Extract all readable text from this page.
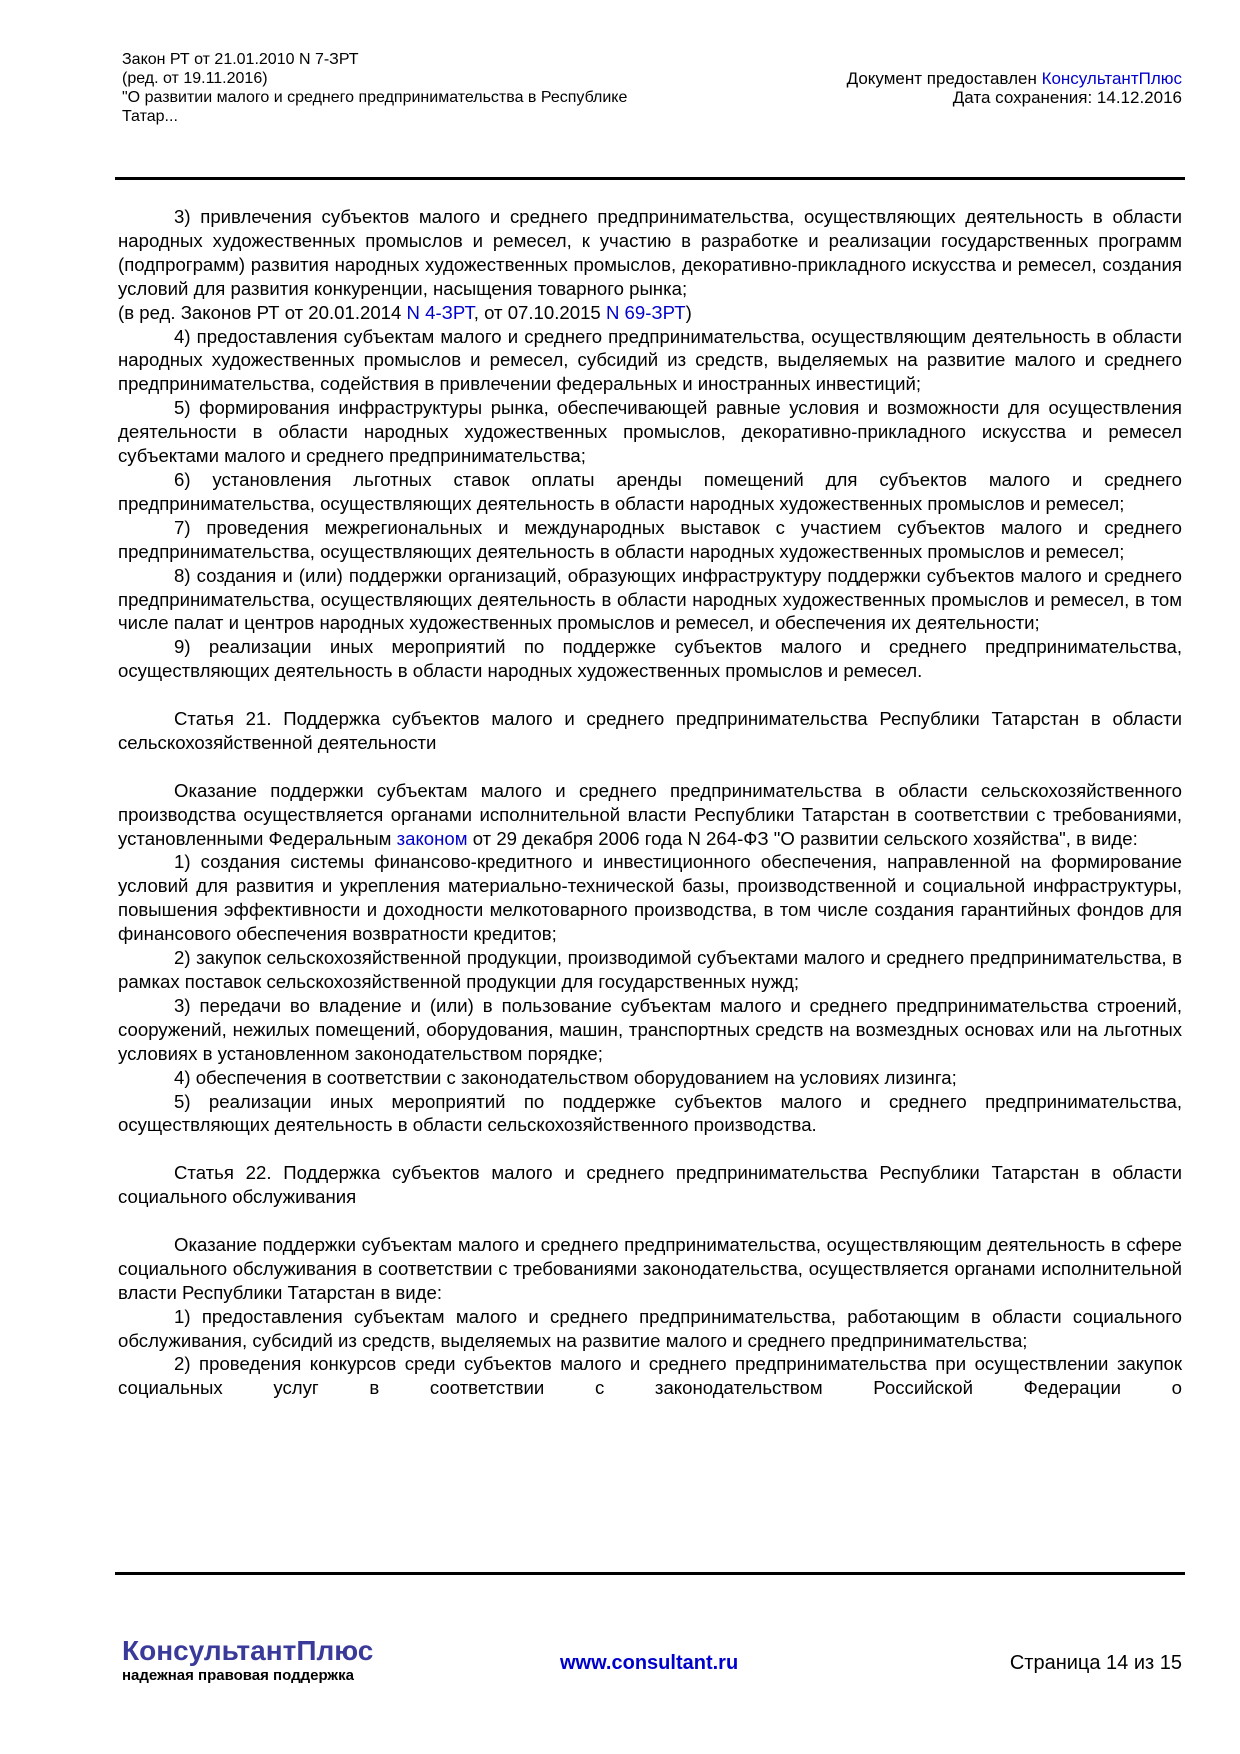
Закон РТ от 21.01.2010 N 7-ЗРТ
(ред. от 19.11.2016)
"О развитии малого и среднего предпринимательства в Республике
Татар...
Документ предоставлен КонсультантПлюс
Дата сохранения: 14.12.2016

3) привлечения субъектов малого и среднего предпринимательства, осуществляющих деятельность в области народных художественных промыслов и ремесел, к участию в разработке и реализации государственных программ (подпрограмм) развития народных художественных промыслов, декоративно-прикладного искусства и ремесел, создания условий для развития конкуренции, насыщения товарного рынка;

(в ред. Законов РТ от 20.01.2014 N 4-ЗРТ, от 07.10.2015 N 69-ЗРТ)

4) предоставления субъектам малого и среднего предпринимательства, осуществляющим деятельность в области народных художественных промыслов и ремесел, субсидий из средств, выделяемых на развитие малого и среднего предпринимательства, содействия в привлечении федеральных и иностранных инвестиций;

5) формирования инфраструктуры рынка, обеспечивающей равные условия и возможности для осуществления деятельности в области народных художественных промыслов, декоративно-прикладного искусства и ремесел субъектами малого и среднего предпринимательства;

6) установления льготных ставок оплаты аренды помещений для субъектов малого и среднего предпринимательства, осуществляющих деятельность в области народных художественных промыслов и ремесел;

7) проведения межрегиональных и международных выставок с участием субъектов малого и среднего предпринимательства, осуществляющих деятельность в области народных художественных промыслов и ремесел;

8) создания и (или) поддержки организаций, образующих инфраструктуру поддержки субъектов малого и среднего предпринимательства, осуществляющих деятельность в области народных художественных промыслов и ремесел, в том числе палат и центров народных художественных промыслов и ремесел, и обеспечения их деятельности;

9) реализации иных мероприятий по поддержке субъектов малого и среднего предпринимательства, осуществляющих деятельность в области народных художественных промыслов и ремесел.

Статья 21. Поддержка субъектов малого и среднего предпринимательства Республики Татарстан в области сельскохозяйственной деятельности

Оказание поддержки субъектам малого и среднего предпринимательства в области сельскохозяйственного производства осуществляется органами исполнительной власти Республики Татарстан в соответствии с требованиями, установленными Федеральным законом от 29 декабря 2006 года N 264-ФЗ "О развитии сельского хозяйства", в виде:

1) создания системы финансово-кредитного и инвестиционного обеспечения, направленной на формирование условий для развития и укрепления материально-технической базы, производственной и социальной инфраструктуры, повышения эффективности и доходности мелкотоварного производства, в том числе создания гарантийных фондов для финансового обеспечения возвратности кредитов;

2) закупок сельскохозяйственной продукции, производимой субъектами малого и среднего предпринимательства, в рамках поставок сельскохозяйственной продукции для государственных нужд;

3) передачи во владение и (или) в пользование субъектам малого и среднего предпринимательства строений, сооружений, нежилых помещений, оборудования, машин, транспортных средств на возмездных основах или на льготных условиях в установленном законодательством порядке;

4) обеспечения в соответствии с законодательством оборудованием на условиях лизинга;

5) реализации иных мероприятий по поддержке субъектов малого и среднего предпринимательства, осуществляющих деятельность в области сельскохозяйственного производства.

Статья 22. Поддержка субъектов малого и среднего предпринимательства Республики Татарстан в области социального обслуживания

Оказание поддержки субъектам малого и среднего предпринимательства, осуществляющим деятельность в сфере социального обслуживания в соответствии с требованиями законодательства, осуществляется органами исполнительной власти Республики Татарстан в виде:

1) предоставления субъектам малого и среднего предпринимательства, работающим в области социального обслуживания, субсидий из средств, выделяемых на развитие малого и среднего предпринимательства;

2) проведения конкурсов среди субъектов малого и среднего предпринимательства при осуществлении закупок социальных услуг в соответствии с законодательством Российской Федерации о

КонсультантПлюс
надежная правовая поддержка
www.consultant.ru	Страница 14 из 15
